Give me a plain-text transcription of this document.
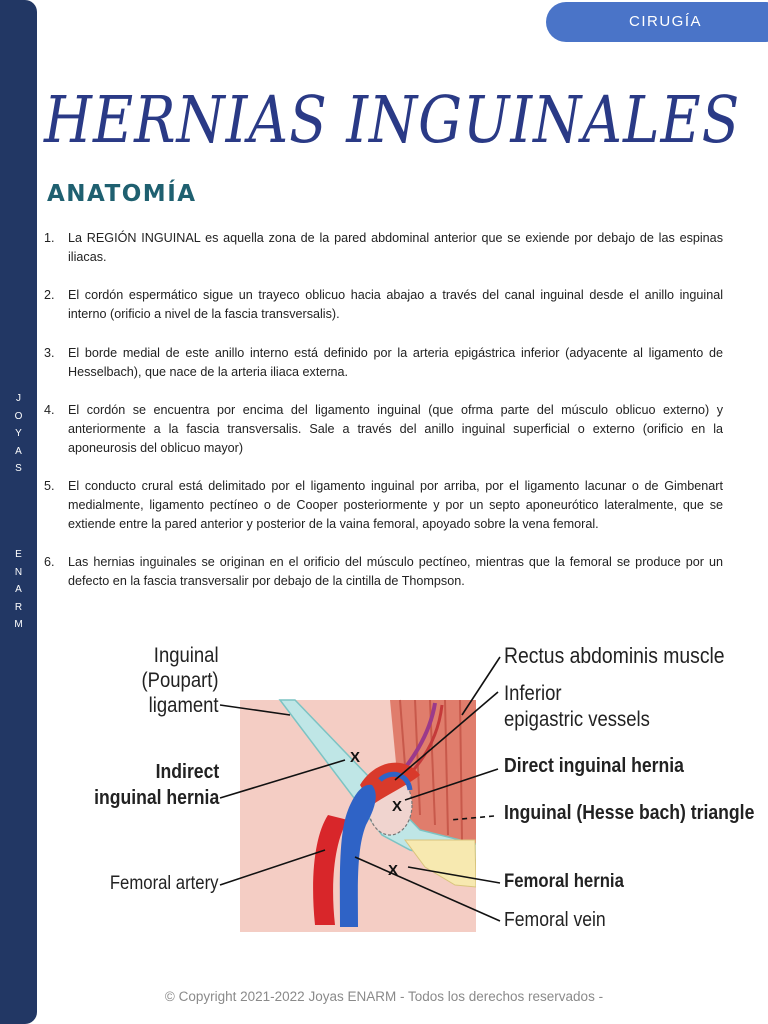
J
O
Y
A
S
E
N
A
R
M
CIRUGÍA
HERNIAS INGUINALES
ANATOMÍA
1. La REGIÓN INGUINAL es aquella zona de la pared abdominal anterior que se exiende por debajo de las espinas iliacas.
2. El cordón espermático sigue un trayeco oblicuo hacia abajao a través del canal inguinal desde el anillo inguinal interno (orificio a nivel de la fascia transversalis).
3. El borde medial de este anillo interno está definido por la arteria epigástrica inferior (adyacente al ligamento de Hesselbach), que nace de la arteria iliaca externa.
4. El cordón se encuentra por encima del ligamento inguinal (que ofrma parte del músculo oblicuo externo) y anteriormente a la fascia transversalis. Sale a través del anillo inguinal superficial o externo (orificio en la aponeurosis del oblicuo mayor)
5. El conducto crural está delimitado por el ligamento inguinal por arriba, por el ligamento lacunar o de Gimbenart medialmente, ligamento pectíneo o de Cooper posteriormente y por un septo aponeurótico lateralmente, que se extiende entre la pared anterior y posterior de la vaina femoral, apoyado sobre la vena femoral.
6. Las hernias inguinales se originan en el orificio del músculo pectíneo, mientras que la femoral se produce por un defecto en la fascia transversalir por debajo de la cintilla de Thompson.
X
X
X
Inguinal
(Poupart)
ligament
Indirect
inguinal hernia
Femoral artery
Rectus abdominis muscle
Inferior
epigastric vessels
Direct inguinal hernia
Inguinal (Hesse bach) triangle
Femoral hernia
Femoral vein
© Copyright 2021-2022 Joyas ENARM - Todos los derechos reservados -
